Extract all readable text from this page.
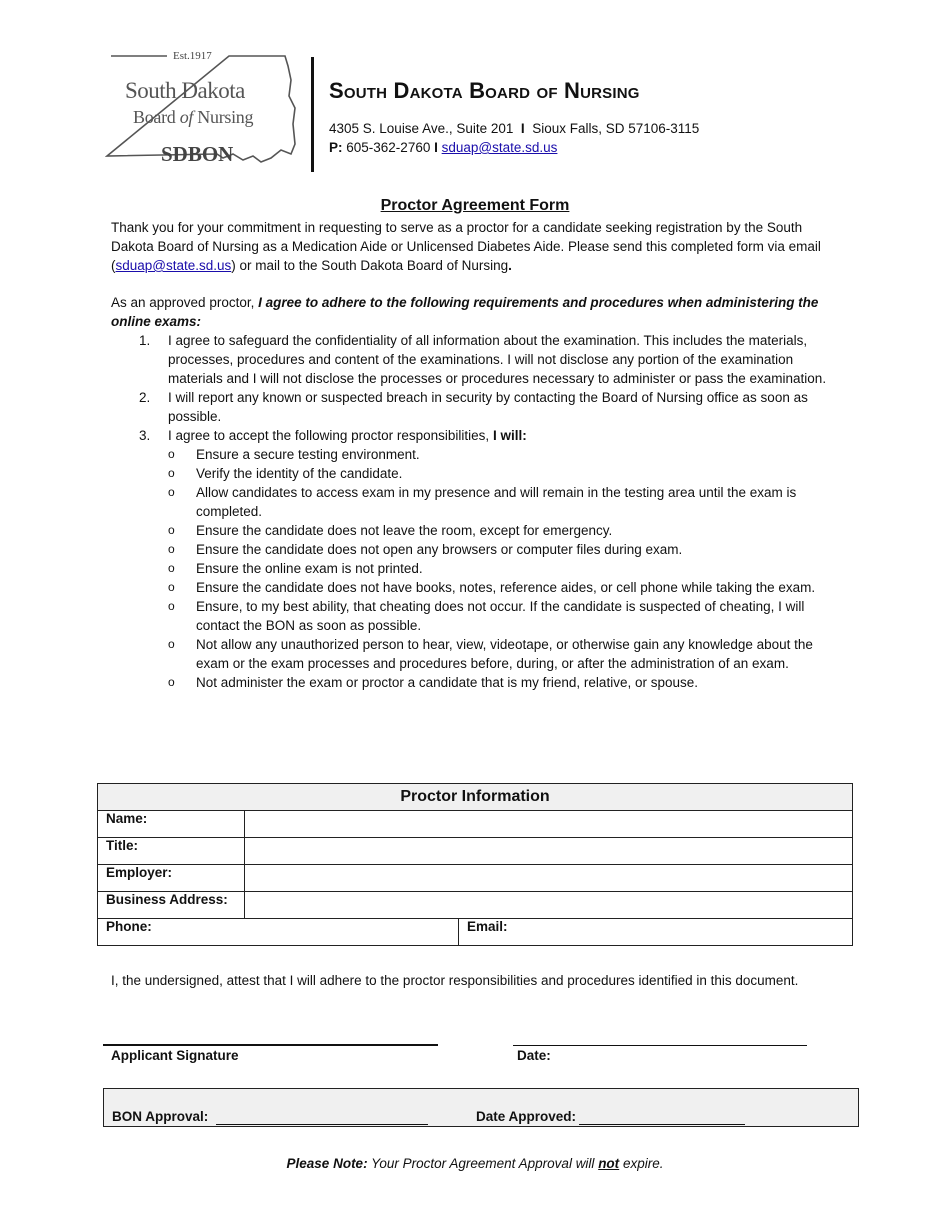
Est.1917
South Dakota
Board of Nursing
SDBON
South Dakota Board of Nursing
4305 S. Louise Ave., Suite 201 I Sioux Falls, SD 57106-3115
P: 605-362-2760 I sduap@state.sd.us
Proctor Agreement Form
Thank you for your commitment in requesting to serve as a proctor for a candidate seeking registration by the South Dakota Board of Nursing as a Medication Aide or Unlicensed Diabetes Aide. Please send this completed form via email (sduap@state.sd.us) or mail to the South Dakota Board of Nursing.
As an approved proctor, I agree to adhere to the following requirements and procedures when administering the online exams:
1. I agree to safeguard the confidentiality of all information about the examination. This includes the materials, processes, procedures and content of the examinations. I will not disclose any portion of the examination materials and I will not disclose the processes or procedures necessary to administer or pass the examination.
2. I will report any known or suspected breach in security by contacting the Board of Nursing office as soon as possible.
3. I agree to accept the following proctor responsibilities, I will:
o Ensure a secure testing environment.
o Verify the identity of the candidate.
o Allow candidates to access exam in my presence and will remain in the testing area until the exam is completed.
o Ensure the candidate does not leave the room, except for emergency.
o Ensure the candidate does not open any browsers or computer files during exam.
o Ensure the online exam is not printed.
o Ensure the candidate does not have books, notes, reference aides, or cell phone while taking the exam.
o Ensure, to my best ability, that cheating does not occur. If the candidate is suspected of cheating, I will contact the BON as soon as possible.
o Not allow any unauthorized person to hear, view, videotape, or otherwise gain any knowledge about the exam or the exam processes and procedures before, during, or after the administration of an exam.
o Not administer the exam or proctor a candidate that is my friend, relative, or spouse.
Proctor Information		
Name:		
Title:		
Employer:		
Business Address:		
Phone:		Email:
I, the undersigned, attest that I will adhere to the proctor responsibilities and procedures identified in this document.
Applicant Signature	Date:
BON Approval:	Date Approved:
Please Note: Your Proctor Agreement Approval will not expire.
